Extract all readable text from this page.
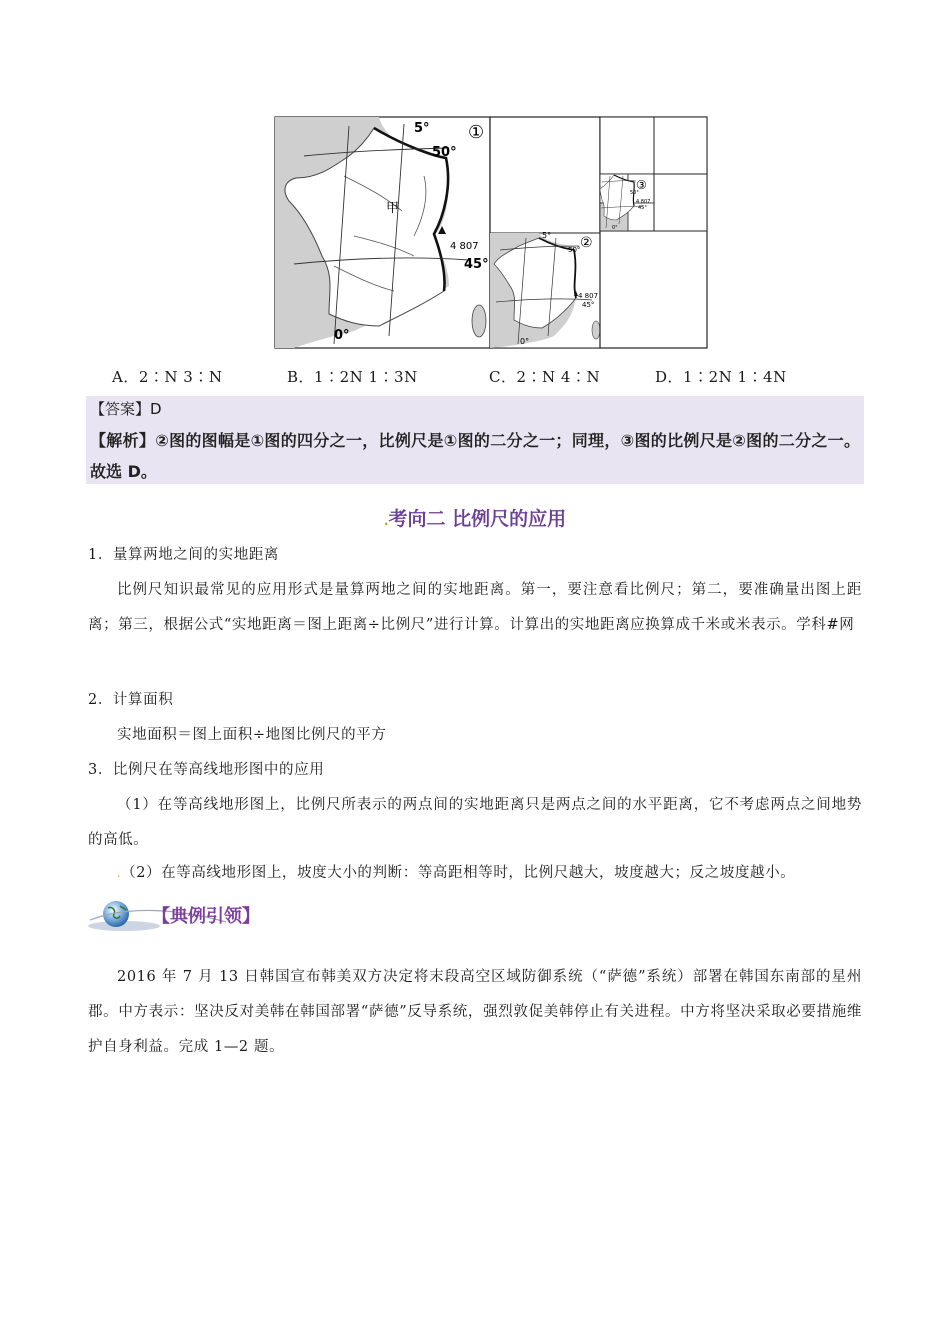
5° ①
50°
甲
4 807
45°
0°
5° ②
50°
4 807
45°
0°
③
50°
4 807
45°
0°
A．2∶N 3∶N	B．1∶2N 1∶3N	C．2∶N 4∶N	D．1∶2N 1∶4N
【答案】D
【解析】②图的图幅是①图的四分之一，比例尺是①图的二分之一；同理，③图的比例尺是②图的二分之一。故选 D。
.考向二 比例尺的应用
1．量算两地之间的实地距离
比例尺知识最常见的应用形式是量算两地之间的实地距离。第一，要注意看比例尺；第二，要准确量出图上距离；第三，根据公式“实地距离＝图上距离÷比例尺”进行计算。计算出的实地距离应换算成千米或米表示。学科#网
2．计算面积
实地面积＝图上面积÷地图比例尺的平方
3．比例尺在等高线地形图中的应用
（1）在等高线地形图上，比例尺所表示的两点间的实地距离只是两点之间的水平距离，它不考虑两点之间地势的高低。
.（2）在等高线地形图上，坡度大小的判断：等高距相等时，比例尺越大，坡度越大；反之坡度越小。
【典例引领】
2016 年 7 月 13 日韩国宣布韩美双方决定将末段高空区域防御系统（“萨德”系统）部署在韩国东南部的星州郡。中方表示：坚决反对美韩在韩国部署“萨德”反导系统，强烈敦促美韩停止有关进程。中方将坚决采取必要措施维护自身利益。完成 1—2 题。
